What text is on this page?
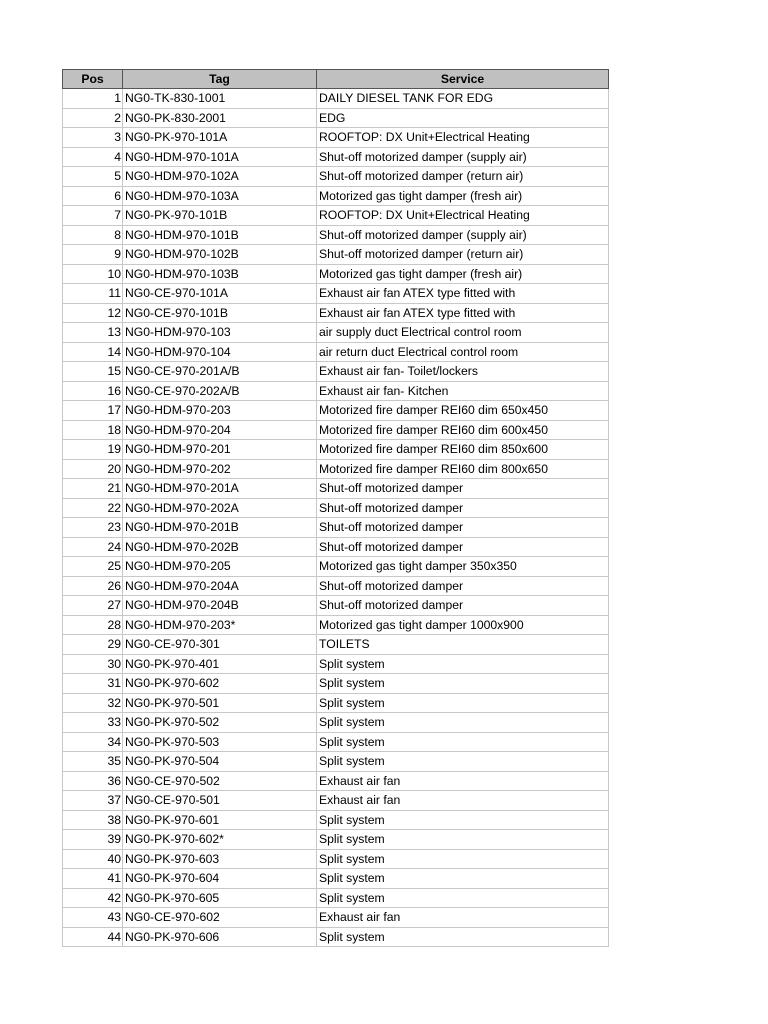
Pos	Tag	Service
1	NG0-TK-830-1001	DAILY DIESEL TANK FOR EDG
2	NG0-PK-830-2001	EDG
3	NG0-PK-970-101A	ROOFTOP: DX Unit+Electrical Heating
4	NG0-HDM-970-101A	Shut-off motorized damper (supply air)
5	NG0-HDM-970-102A	Shut-off motorized damper (return air)
6	NG0-HDM-970-103A	Motorized gas tight damper (fresh air)
7	NG0-PK-970-101B	ROOFTOP: DX Unit+Electrical Heating
8	NG0-HDM-970-101B	Shut-off motorized damper (supply air)
9	NG0-HDM-970-102B	Shut-off motorized damper (return air)
10	NG0-HDM-970-103B	Motorized gas tight damper (fresh air)
11	NG0-CE-970-101A	Exhaust air fan ATEX type fitted with
12	NG0-CE-970-101B	Exhaust air fan ATEX type fitted with
13	NG0-HDM-970-103	air supply duct Electrical control room
14	NG0-HDM-970-104	air return duct Electrical control room
15	NG0-CE-970-201A/B	Exhaust air fan- Toilet/lockers
16	NG0-CE-970-202A/B	Exhaust air fan- Kitchen
17	NG0-HDM-970-203	Motorized fire damper REI60 dim 650x450
18	NG0-HDM-970-204	Motorized fire damper REI60 dim 600x450
19	NG0-HDM-970-201	Motorized fire damper REI60 dim 850x600
20	NG0-HDM-970-202	Motorized fire damper REI60 dim 800x650
21	NG0-HDM-970-201A	Shut-off motorized damper
22	NG0-HDM-970-202A	Shut-off motorized damper
23	NG0-HDM-970-201B	Shut-off motorized damper
24	NG0-HDM-970-202B	Shut-off motorized damper
25	NG0-HDM-970-205	Motorized gas tight damper 350x350
26	NG0-HDM-970-204A	Shut-off motorized damper
27	NG0-HDM-970-204B	Shut-off motorized damper
28	NG0-HDM-970-203*	Motorized gas tight damper 1000x900
29	NG0-CE-970-301	TOILETS
30	NG0-PK-970-401	Split system
31	NG0-PK-970-602	Split system
32	NG0-PK-970-501	Split system
33	NG0-PK-970-502	Split system
34	NG0-PK-970-503	Split system
35	NG0-PK-970-504	Split system
36	NG0-CE-970-502	Exhaust air fan
37	NG0-CE-970-501	Exhaust air fan
38	NG0-PK-970-601	Split system
39	NG0-PK-970-602*	Split system
40	NG0-PK-970-603	Split system
41	NG0-PK-970-604	Split system
42	NG0-PK-970-605	Split system
43	NG0-CE-970-602	Exhaust air fan
44	NG0-PK-970-606	Split system
